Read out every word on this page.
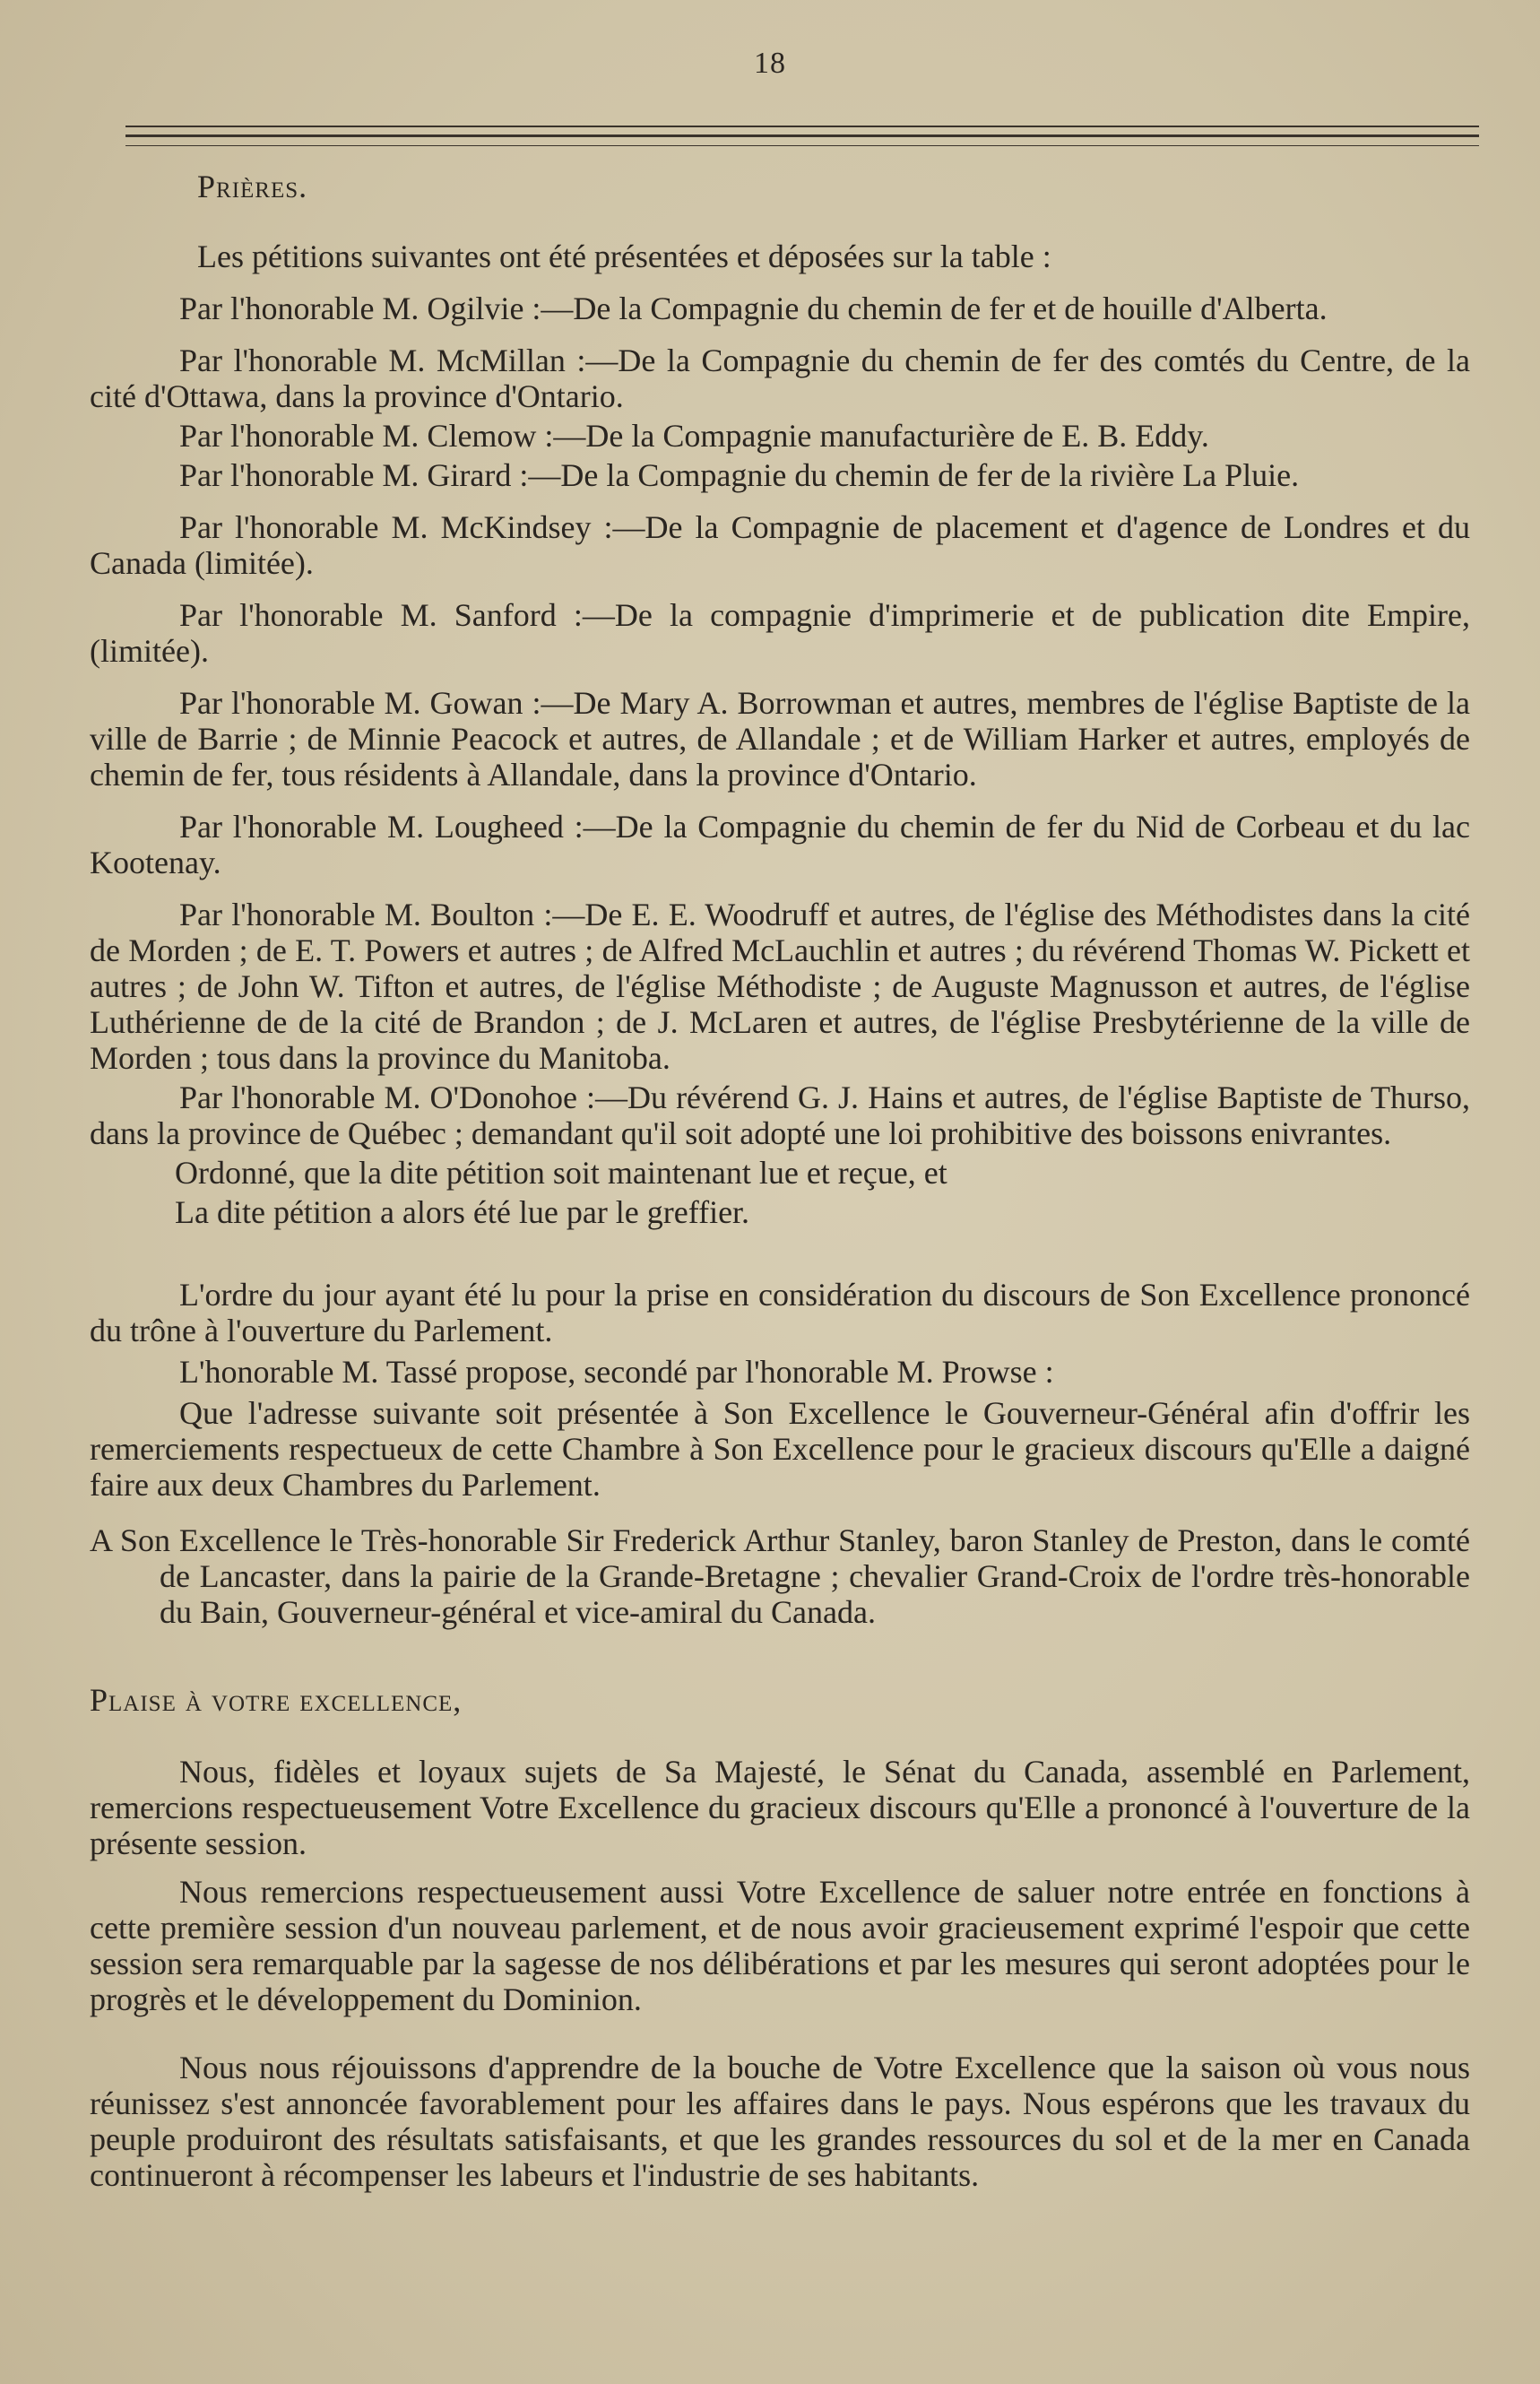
18

Prières.

Les pétitions suivantes ont été présentées et déposées sur la table :

Par l'honorable M. Ogilvie :—De la Compagnie du chemin de fer et de houille d'Alberta.

Par l'honorable M. McMillan :—De la Compagnie du chemin de fer des comtés du Centre, de la cité d'Ottawa, dans la province d'Ontario.

Par l'honorable M. Clemow :—De la Compagnie manufacturière de E. B. Eddy.

Par l'honorable M. Girard :—De la Compagnie du chemin de fer de la rivière La Pluie.

Par l'honorable M. McKindsey :—De la Compagnie de placement et d'agence de Londres et du Canada (limitée).

Par l'honorable M. Sanford :—De la compagnie d'imprimerie et de publication dite Empire, (limitée).

Par l'honorable M. Gowan :—De Mary A. Borrowman et autres, membres de l'église Baptiste de la ville de Barrie ; de Minnie Peacock et autres, de Allandale ; et de William Harker et autres, employés de chemin de fer, tous résidents à Allandale, dans la province d'Ontario.

Par l'honorable M. Lougheed :—De la Compagnie du chemin de fer du Nid de Corbeau et du lac Kootenay.

Par l'honorable M. Boulton :—De E. E. Woodruff et autres, de l'église des Méthodistes dans la cité de Morden ; de E. T. Powers et autres ; de Alfred McLauchlin et autres ; du révérend Thomas W. Pickett et autres ; de John W. Tifton et autres, de l'église Méthodiste ; de Auguste Magnusson et autres, de l'église Luthérienne de de la cité de Brandon ; de J. McLaren et autres, de l'église Presbytérienne de la ville de Morden ; tous dans la province du Manitoba.

Par l'honorable M. O'Donohoe :—Du révérend G. J. Hains et autres, de l'église Baptiste de Thurso, dans la province de Québec ; demandant qu'il soit adopté une loi prohibitive des boissons enivrantes.

Ordonné, que la dite pétition soit maintenant lue et reçue, et

La dite pétition a alors été lue par le greffier.

L'ordre du jour ayant été lu pour la prise en considération du discours de Son Excellence prononcé du trône à l'ouverture du Parlement.

L'honorable M. Tassé propose, secondé par l'honorable M. Prowse :

Que l'adresse suivante soit présentée à Son Excellence le Gouverneur-Général afin d'offrir les remerciements respectueux de cette Chambre à Son Excellence pour le gracieux discours qu'Elle a daigné faire aux deux Chambres du Parlement.

A Son Excellence le Très-honorable Sir Frederick Arthur Stanley, baron Stanley de Preston, dans le comté de Lancaster, dans la pairie de la Grande-Bretagne ; chevalier Grand-Croix de l'ordre très-honorable du Bain, Gouverneur-général et vice-amiral du Canada.

Plaise à votre excellence,

Nous, fidèles et loyaux sujets de Sa Majesté, le Sénat du Canada, assemblé en Parlement, remercions respectueusement Votre Excellence du gracieux discours qu'Elle a prononcé à l'ouverture de la présente session.

Nous remercions respectueusement aussi Votre Excellence de saluer notre entrée en fonctions à cette première session d'un nouveau parlement, et de nous avoir gracieusement exprimé l'espoir que cette session sera remarquable par la sagesse de nos délibérations et par les mesures qui seront adoptées pour le progrès et le développement du Dominion.

Nous nous réjouissons d'apprendre de la bouche de Votre Excellence que la saison où vous nous réunissez s'est annoncée favorablement pour les affaires dans le pays. Nous espérons que les travaux du peuple produiront des résultats satisfaisants, et que les grandes ressources du sol et de la mer en Canada continueront à récompenser les labeurs et l'industrie de ses habitants.
